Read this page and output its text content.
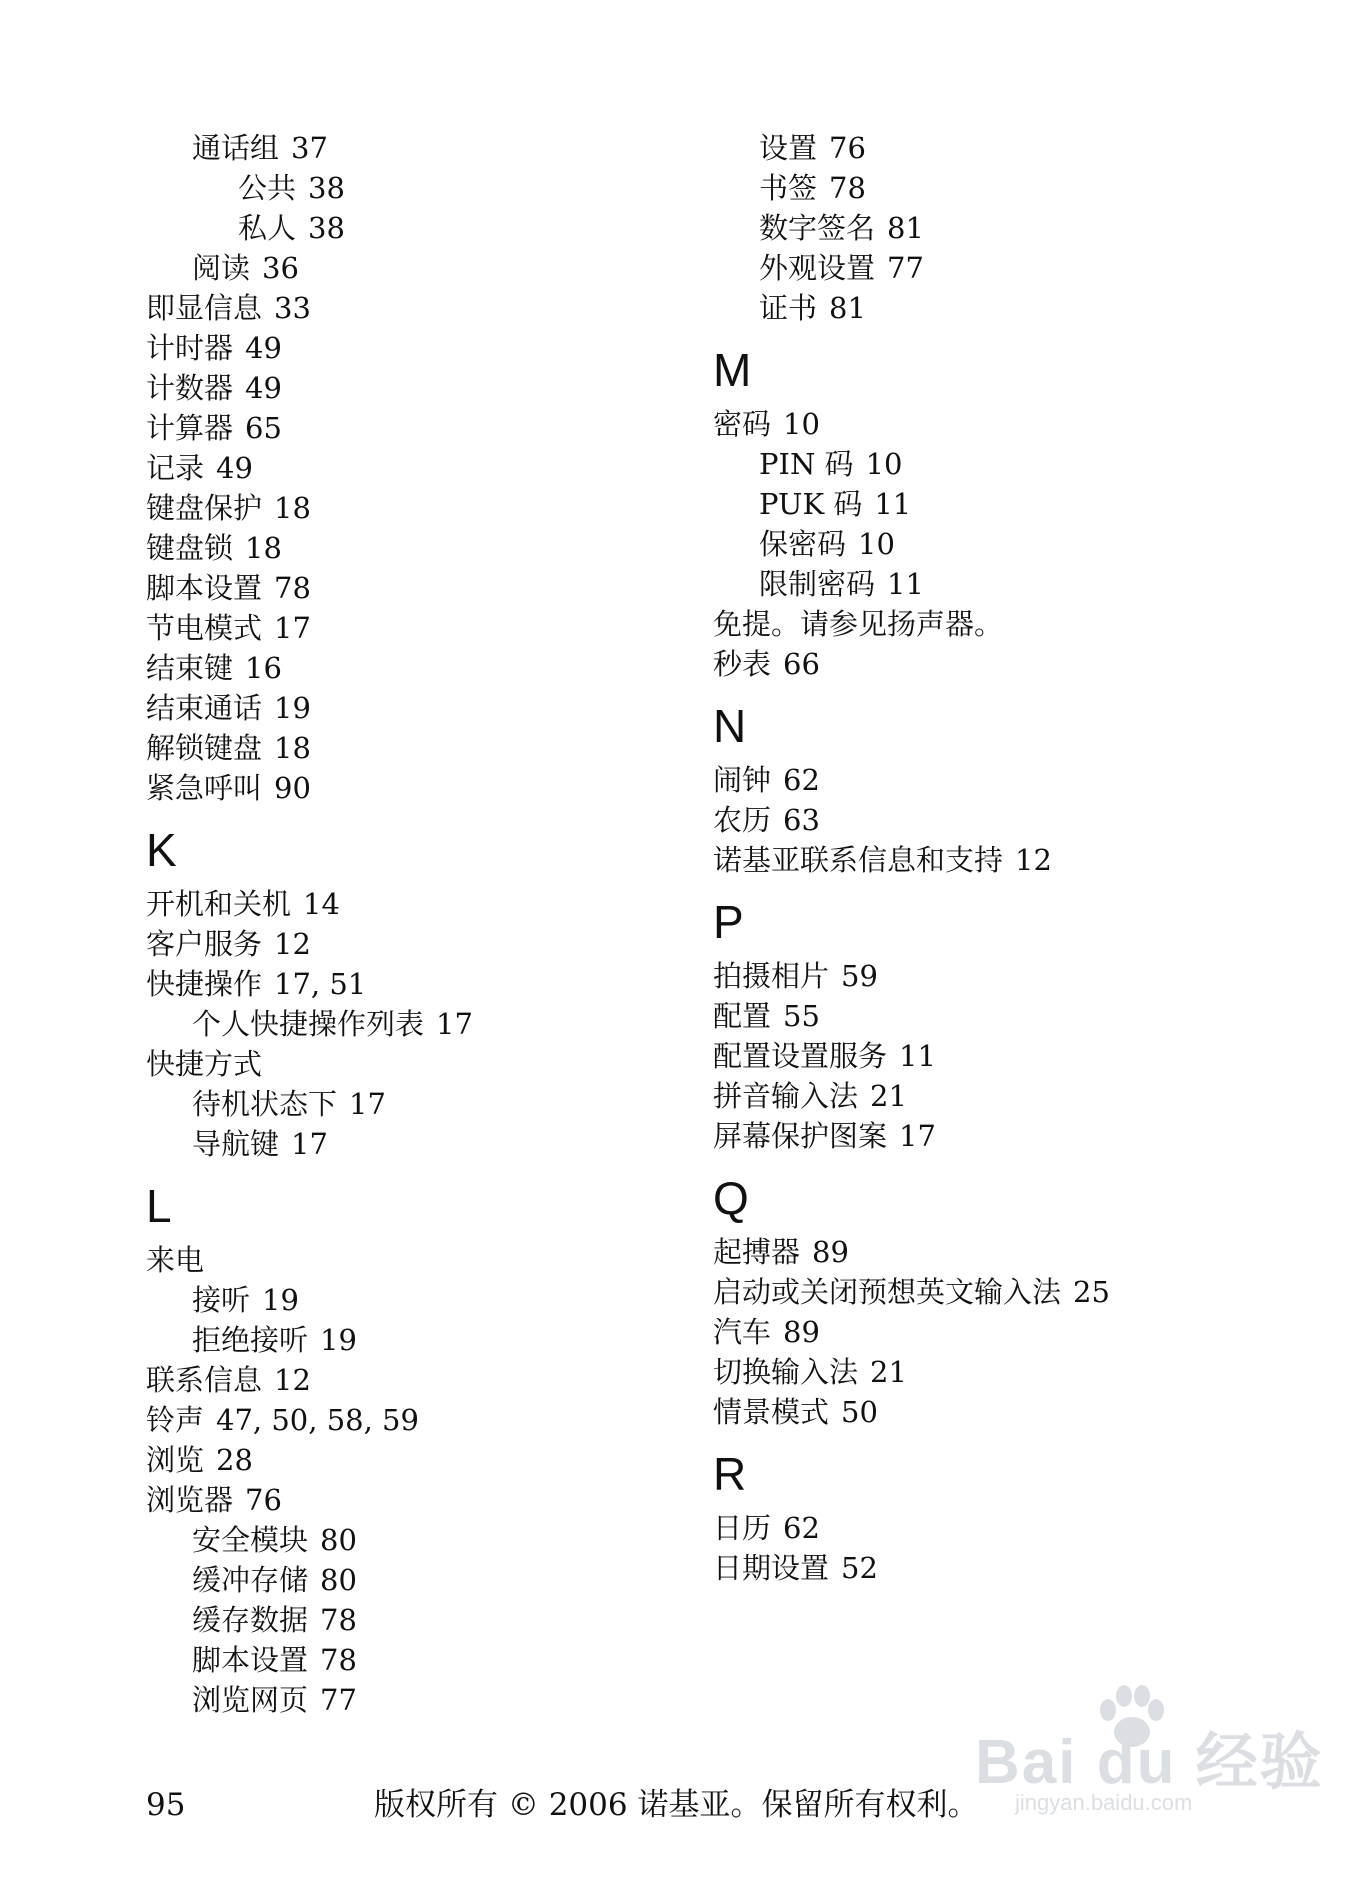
通话组 37
公共 38
私人 38
阅读 36
即显信息 33
计时器 49
计数器 49
计算器 65
记录 49
键盘保护 18
键盘锁 18
脚本设置 78
节电模式 17
结束键 16
结束通话 19
解锁键盘 18
紧急呼叫 90
K
开机和关机 14
客户服务 12
快捷操作 17, 51
个人快捷操作列表 17
快捷方式
待机状态下 17
导航键 17
L
来电
接听 19
拒绝接听 19
联系信息 12
铃声 47, 50, 58, 59
浏览 28
浏览器 76
安全模块 80
缓冲存储 80
缓存数据 78
脚本设置 78
浏览网页 77
设置 76
书签 78
数字签名 81
外观设置 77
证书 81
M
密码 10
PIN 码 10
PUK 码 11
保密码 10
限制密码 11
免提。请参见扬声器。
秒表 66
N
闹钟 62
农历 63
诺基亚联系信息和支持 12
P
拍摄相片 59
配置 55
配置设置服务 11
拼音输入法 21
屏幕保护图案 17
Q
起搏器 89
启动或关闭预想英文输入法 25
汽车 89
切换输入法 21
情景模式 50
R
日历 62
日期设置 52
95	版权所有 © 2006 诺基亚。保留所有权利。
Bai du 经验
jingyan.baidu.com
